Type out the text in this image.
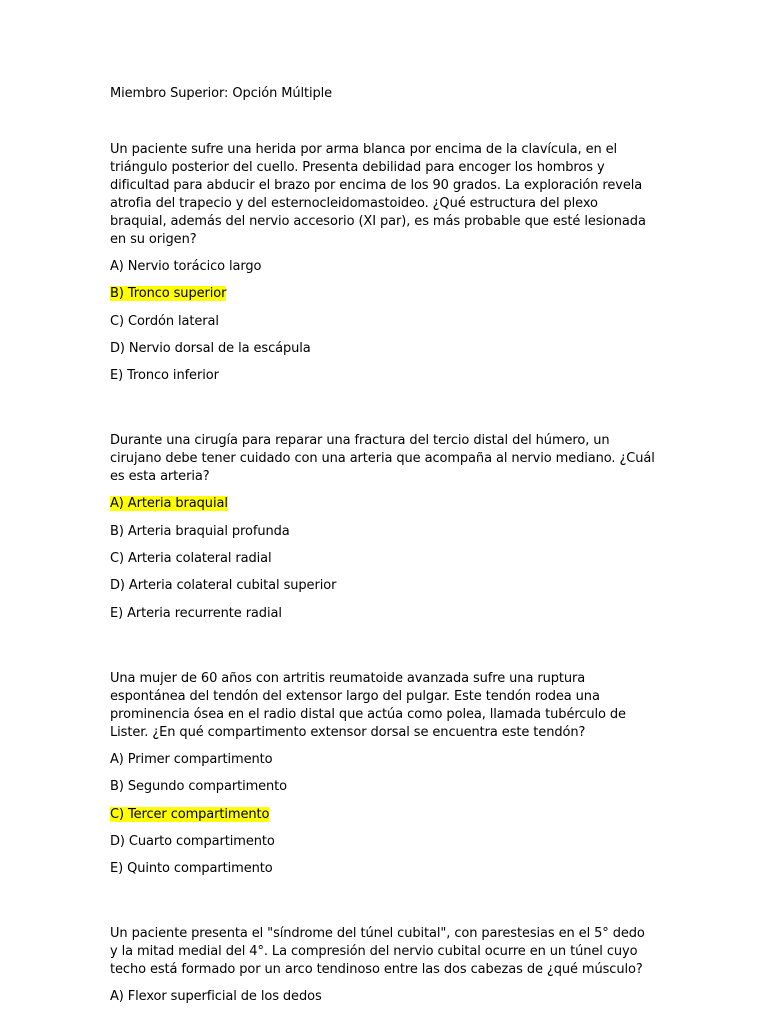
Miembro Superior: Opción Múltiple

Un paciente sufre una herida por arma blanca por encima de la clavícula, en el triángulo posterior del cuello. Presenta debilidad para encoger los hombros y dificultad para abducir el brazo por encima de los 90 grados. La exploración revela atrofia del trapecio y del esternocleidomastoideo. ¿Qué estructura del plexo braquial, además del nervio accesorio (XI par), es más probable que esté lesionada en su origen?

A) Nervio torácico largo

B) Tronco superior

C) Cordón lateral

D) Nervio dorsal de la escápula

E) Tronco inferior

Durante una cirugía para reparar una fractura del tercio distal del húmero, un cirujano debe tener cuidado con una arteria que acompaña al nervio mediano. ¿Cuál es esta arteria?

A) Arteria braquial

B) Arteria braquial profunda

C) Arteria colateral radial

D) Arteria colateral cubital superior

E) Arteria recurrente radial

Una mujer de 60 años con artritis reumatoide avanzada sufre una ruptura espontánea del tendón del extensor largo del pulgar. Este tendón rodea una prominencia ósea en el radio distal que actúa como polea, llamada tubérculo de Lister. ¿En qué compartimento extensor dorsal se encuentra este tendón?

A) Primer compartimento

B) Segundo compartimento

C) Tercer compartimento

D) Cuarto compartimento

E) Quinto compartimento

Un paciente presenta el "síndrome del túnel cubital", con parestesias en el 5° dedo y la mitad medial del 4°. La compresión del nervio cubital ocurre en un túnel cuyo techo está formado por un arco tendinoso entre las dos cabezas de ¿qué músculo?

A) Flexor superficial de los dedos
